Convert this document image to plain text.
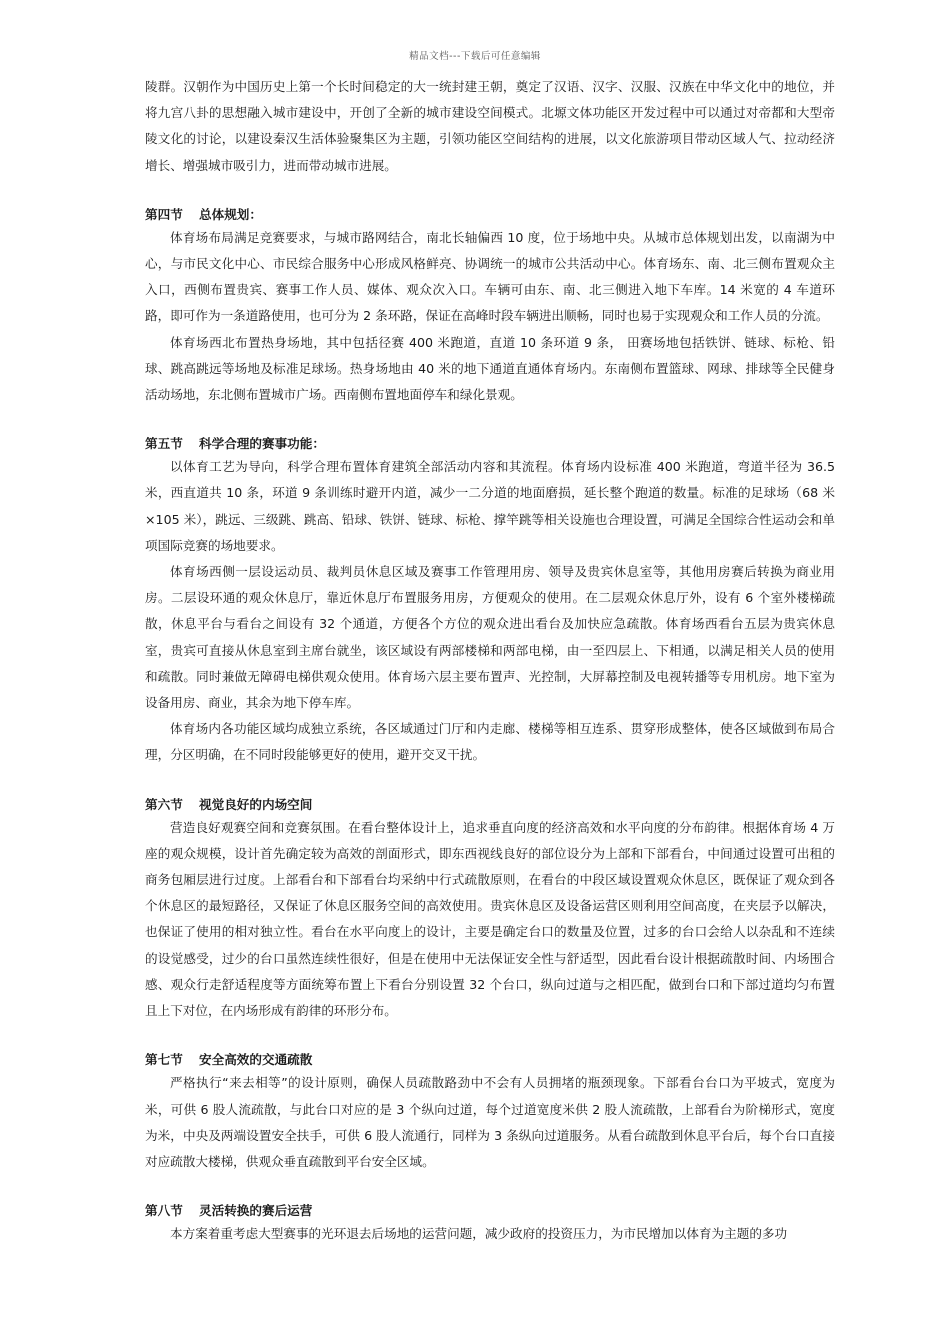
精品文档---下载后可任意编辑

陵群。汉朝作为中国历史上第一个长时间稳定的大一统封建王朝，奠定了汉语、汉字、汉服、汉族在中华文化中的地位，并将九宫八卦的思想融入城市建设中，开创了全新的城市建设空间模式。北塬文体功能区开发过程中可以通过对帝都和大型帝陵文化的讨论，以建设秦汉生活体验聚集区为主题，引领功能区空间结构的进展，以文化旅游项目带动区域人气、拉动经济增长、增强城市吸引力，进而带动城市进展。

第四节 总体规划：

体育场布局满足竞赛要求，与城市路网结合，南北长轴偏西 10 度，位于场地中央。从城市总体规划出发，以南湖为中心，与市民文化中心、市民综合服务中心形成风格鲜亮、协调统一的城市公共活动中心。体育场东、南、北三侧布置观众主入口，西侧布置贵宾、赛事工作人员、媒体、观众次入口。车辆可由东、南、北三侧进入地下车库。14 米宽的 4 车道环路，即可作为一条道路使用，也可分为 2 条环路，保证在高峰时段车辆进出顺畅，同时也易于实现观众和工作人员的分流。

体育场西北布置热身场地，其中包括径赛 400 米跑道，直道 10 条环道 9 条， 田赛场地包括铁饼、链球、标枪、铅球、跳高跳远等场地及标准足球场。热身场地由 40 米的地下通道直通体育场内。东南侧布置篮球、网球、排球等全民健身活动场地，东北侧布置城市广场。西南侧布置地面停车和绿化景观。

第五节 科学合理的赛事功能：

以体育工艺为导向，科学合理布置体育建筑全部活动内容和其流程。体育场内设标准 400 米跑道，弯道半径为 36.5 米，西直道共 10 条，环道 9 条训练时避开内道，减少一二分道的地面磨损，延长整个跑道的数量。标准的足球场（68 米×105 米），跳远、三级跳、跳高、铅球、铁饼、链球、标枪、撑竿跳等相关设施也合理设置，可满足全国综合性运动会和单项国际竞赛的场地要求。

体育场西侧一层设运动员、裁判员休息区域及赛事工作管理用房、领导及贵宾休息室等，其他用房赛后转换为商业用房。二层设环通的观众休息厅，靠近休息厅布置服务用房，方便观众的使用。在二层观众休息厅外，设有 6 个室外楼梯疏散，休息平台与看台之间设有 32 个通道，方便各个方位的观众进出看台及加快应急疏散。体育场西看台五层为贵宾休息室，贵宾可直接从休息室到主席台就坐，该区域设有两部楼梯和两部电梯，由一至四层上、下相通，以满足相关人员的使用和疏散。同时兼做无障碍电梯供观众使用。体育场六层主要布置声、光控制，大屏幕控制及电视转播等专用机房。地下室为设备用房、商业，其余为地下停车库。

体育场内各功能区域均成独立系统，各区域通过门厅和内走廊、楼梯等相互连系、贯穿形成整体，使各区域做到布局合理，分区明确，在不同时段能够更好的使用，避开交叉干扰。

第六节 视觉良好的内场空间

营造良好观赛空间和竞赛氛围。在看台整体设计上，追求垂直向度的经济高效和水平向度的分布韵律。根据体育场 4 万座的观众规模，设计首先确定较为高效的剖面形式，即东西视线良好的部位设分为上部和下部看台，中间通过设置可出租的商务包厢层进行过度。上部看台和下部看台均采纳中行式疏散原则，在看台的中段区域设置观众休息区，既保证了观众到各个休息区的最短路径，又保证了休息区服务空间的高效使用。贵宾休息区及设备运营区则利用空间高度，在夹层予以解决，也保证了使用的相对独立性。看台在水平向度上的设计，主要是确定台口的数量及位置，过多的台口会给人以杂乱和不连续的设觉感受，过少的台口虽然连续性很好，但是在使用中无法保证安全性与舒适型，因此看台设计根据疏散时间、内场围合感、观众行走舒适程度等方面统筹布置上下看台分别设置 32 个台口，纵向过道与之相匹配，做到台口和下部过道均匀布置且上下对位，在内场形成有韵律的环形分布。

第七节 安全高效的交通疏散

严格执行“来去相等”的设计原则，确保人员疏散路劲中不会有人员拥堵的瓶颈现象。下部看台台口为平坡式，宽度为米，可供 6 股人流疏散，与此台口对应的是 3 个纵向过道，每个过道宽度米供 2 股人流疏散，上部看台为阶梯形式，宽度为米，中央及两端设置安全扶手，可供 6 股人流通行，同样为 3 条纵向过道服务。从看台疏散到休息平台后，每个台口直接对应疏散大楼梯，供观众垂直疏散到平台安全区域。

第八节 灵活转换的赛后运营

本方案着重考虑大型赛事的光环退去后场地的运营问题，减少政府的投资压力，为市民增加以体育为主题的多功
